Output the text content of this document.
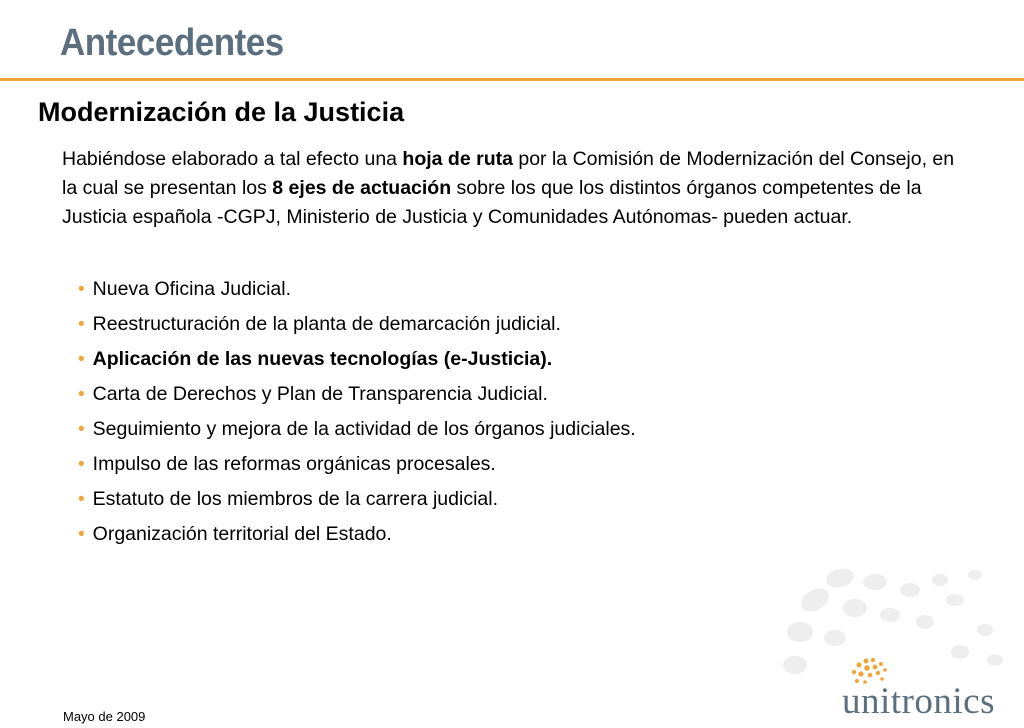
Antecedentes
Modernización de la Justicia
Habiéndose elaborado a tal efecto una hoja de ruta por la Comisión de Modernización del Consejo, en la cual se presentan los 8 ejes de actuación sobre los que los distintos órganos competentes de la Justicia española -CGPJ, Ministerio de Justicia y Comunidades Autónomas- pueden actuar.
• Nueva Oficina Judicial.
• Reestructuración de la planta de demarcación judicial.
• Aplicación de las nuevas tecnologías (e-Justicia).
• Carta de Derechos y Plan de Transparencia Judicial.
• Seguimiento y mejora de la actividad de los órganos judiciales.
• Impulso de las reformas orgánicas procesales.
• Estatuto de los miembros de la carrera judicial.
• Organización territorial del Estado.
unitronics
Mayo de 2009
